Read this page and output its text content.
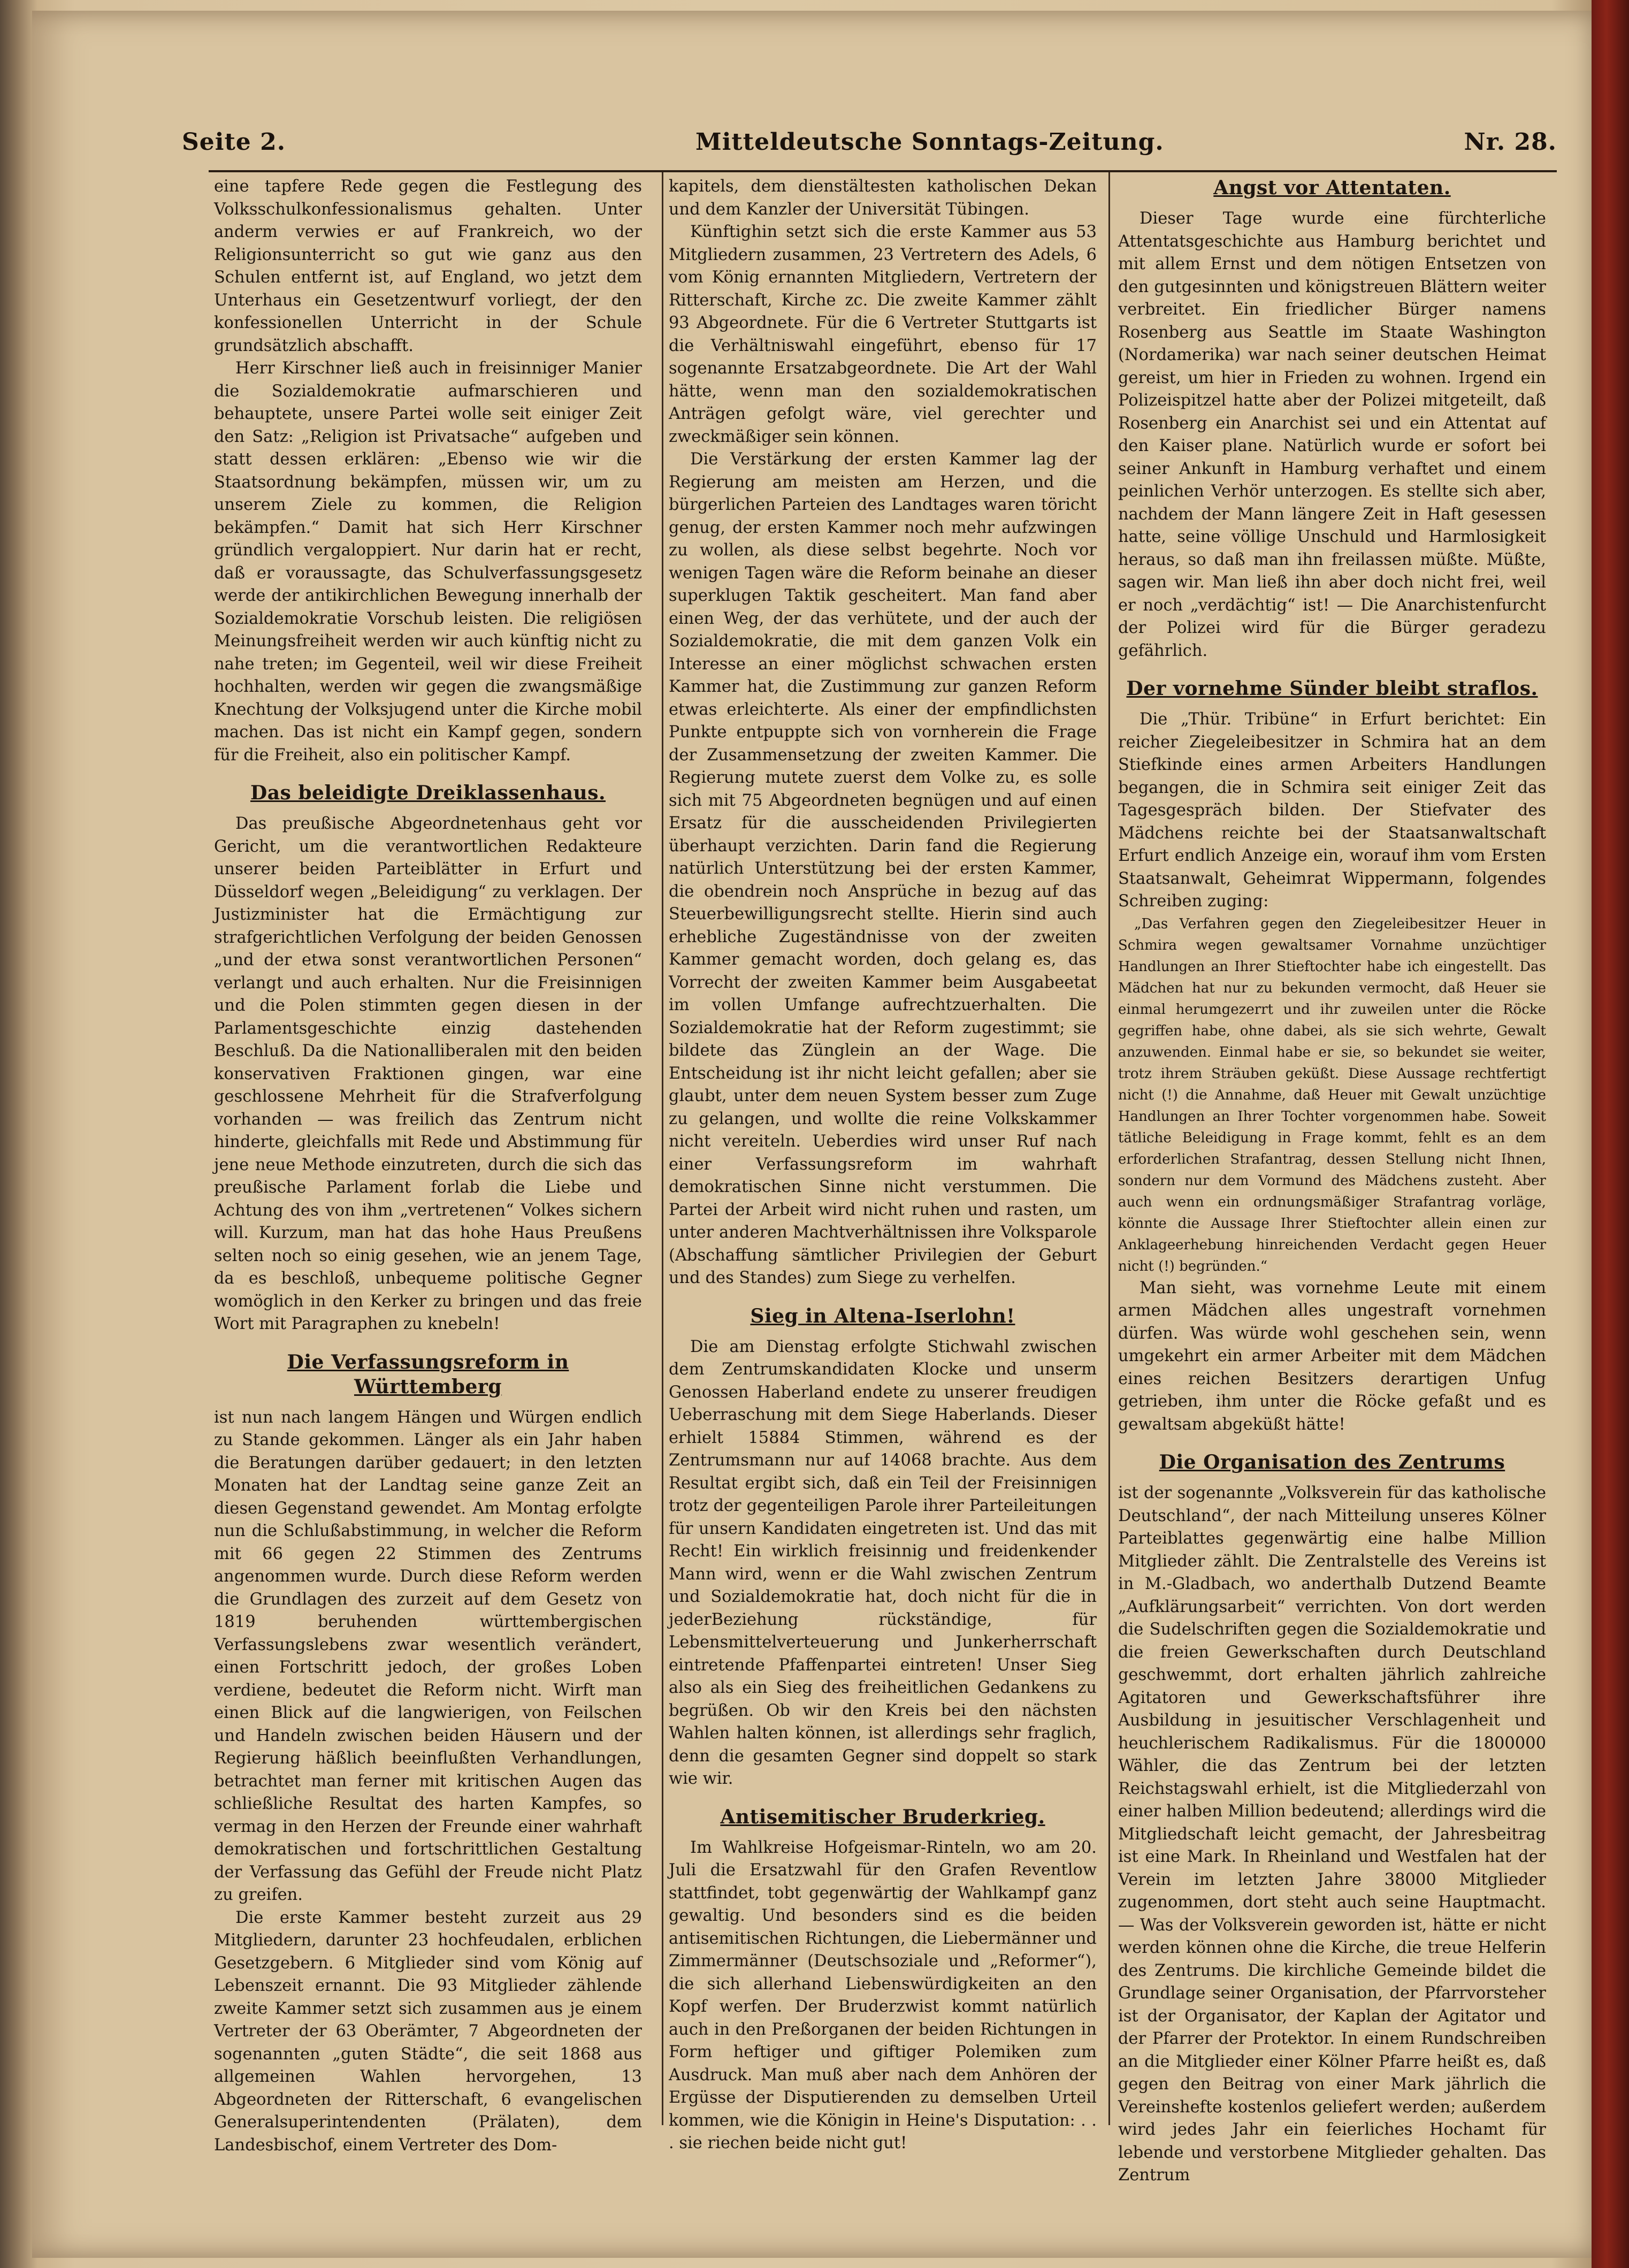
Seite 2.	Mitteldeutsche Sonntags-Zeitung.	Nr. 28.

eine tapfere Rede gegen die Festlegung des Volksschulkonfessionalismus gehalten. Unter anderm verwies er auf Frankreich, wo der Religionsunterricht so gut wie ganz aus den Schulen entfernt ist, auf England, wo jetzt dem Unterhaus ein Gesetzentwurf vorliegt, der den konfessionellen Unterricht in der Schule grundsätzlich abschafft.

Herr Kirschner ließ auch in freisinniger Manier die Sozialdemokratie aufmarschieren und behauptete, unsere Partei wolle seit einiger Zeit den Satz: „Religion ist Privatsache“ aufgeben und statt dessen erklären: „Ebenso wie wir die Staatsordnung bekämpfen, müssen wir, um zu unserem Ziele zu kommen, die Religion bekämpfen.“ Damit hat sich Herr Kirschner gründlich vergaloppiert. Nur darin hat er recht, daß er voraussagte, das Schulverfassungsgesetz werde der antikirchlichen Bewegung innerhalb der Sozialdemokratie Vorschub leisten. Die religiösen Meinungsfreiheit werden wir auch künftig nicht zu nahe treten; im Gegenteil, weil wir diese Freiheit hochhalten, werden wir gegen die zwangsmäßige Knechtung der Volksjugend unter die Kirche mobil machen. Das ist nicht ein Kampf gegen, sondern für die Freiheit, also ein politischer Kampf.

Das beleidigte Dreiklassenhaus.

Das preußische Abgeordnetenhaus geht vor Gericht, um die verantwortlichen Redakteure unserer beiden Parteiblätter in Erfurt und Düsseldorf wegen „Beleidigung“ zu verklagen. Der Justizminister hat die Ermächtigung zur strafgerichtlichen Verfolgung der beiden Genossen „und der etwa sonst verantwortlichen Personen“ verlangt und auch erhalten. Nur die Freisinnigen und die Polen stimmten gegen diesen in der Parlamentsgeschichte einzig dastehenden Beschluß. Da die Nationalliberalen mit den beiden konservativen Fraktionen gingen, war eine geschlossene Mehrheit für die Strafverfolgung vorhanden — was freilich das Zentrum nicht hinderte, gleichfalls mit Rede und Abstimmung für jene neue Methode einzutreten, durch die sich das preußische Parlament forlab die Liebe und Achtung des von ihm „vertretenen“ Volkes sichern will. Kurzum, man hat das hohe Haus Preußens selten noch so einig gesehen, wie an jenem Tage, da es beschloß, unbequeme politische Gegner womöglich in den Kerker zu bringen und das freie Wort mit Paragraphen zu knebeln!

Die Verfassungsreform in Württemberg

ist nun nach langem Hängen und Würgen endlich zu Stande gekommen. Länger als ein Jahr haben die Beratungen darüber gedauert; in den letzten Monaten hat der Landtag seine ganze Zeit an diesen Gegenstand gewendet. Am Montag erfolgte nun die Schlußabstimmung, in welcher die Reform mit 66 gegen 22 Stimmen des Zentrums angenommen wurde. Durch diese Reform werden die Grundlagen des zurzeit auf dem Gesetz von 1819 beruhenden württembergischen Verfassungslebens zwar wesentlich verändert, einen Fortschritt jedoch, der großes Loben verdiene, bedeutet die Reform nicht. Wirft man einen Blick auf die langwierigen, von Feilschen und Handeln zwischen beiden Häusern und der Regierung häßlich beeinflußten Verhandlungen, betrachtet man ferner mit kritischen Augen das schließliche Resultat des harten Kampfes, so vermag in den Herzen der Freunde einer wahrhaft demokratischen und fortschrittlichen Gestaltung der Verfassung das Gefühl der Freude nicht Platz zu greifen.

Die erste Kammer besteht zurzeit aus 29 Mitgliedern, darunter 23 hochfeudalen, erblichen Gesetzgebern. 6 Mitglieder sind vom König auf Lebenszeit ernannt. Die 93 Mitglieder zählende zweite Kammer setzt sich zusammen aus je einem Vertreter der 63 Oberämter, 7 Abgeordneten der sogenannten „guten Städte“, die seit 1868 aus allgemeinen Wahlen hervorgehen, 13 Abgeordneten der Ritterschaft, 6 evangelischen Generalsuperintendenten (Prälaten), dem Landesbischof, einem Vertreter des Dom-

kapitels, dem dienstältesten katholischen Dekan und dem Kanzler der Universität Tübingen.

Künftighin setzt sich die erste Kammer aus 53 Mitgliedern zusammen, 23 Vertretern des Adels, 6 vom König ernannten Mitgliedern, Vertretern der Ritterschaft, Kirche zc. Die zweite Kammer zählt 93 Abgeordnete. Für die 6 Vertreter Stuttgarts ist die Verhältniswahl eingeführt, ebenso für 17 sogenannte Ersatzabgeordnete. Die Art der Wahl hätte, wenn man den sozialdemokratischen Anträgen gefolgt wäre, viel gerechter und zweckmäßiger sein können.

Die Verstärkung der ersten Kammer lag der Regierung am meisten am Herzen, und die bürgerlichen Parteien des Landtages waren töricht genug, der ersten Kammer noch mehr aufzwingen zu wollen, als diese selbst begehrte. Noch vor wenigen Tagen wäre die Reform beinahe an dieser superklugen Taktik gescheitert. Man fand aber einen Weg, der das verhütete, und der auch der Sozialdemokratie, die mit dem ganzen Volk ein Interesse an einer möglichst schwachen ersten Kammer hat, die Zustimmung zur ganzen Reform etwas erleichterte. Als einer der empfindlichsten Punkte entpuppte sich von vornherein die Frage der Zusammensetzung der zweiten Kammer. Die Regierung mutete zuerst dem Volke zu, es solle sich mit 75 Abgeordneten begnügen und auf einen Ersatz für die ausscheidenden Privilegierten überhaupt verzichten. Darin fand die Regierung natürlich Unterstützung bei der ersten Kammer, die obendrein noch Ansprüche in bezug auf das Steuerbewilligungsrecht stellte. Hierin sind auch erhebliche Zugeständnisse von der zweiten Kammer gemacht worden, doch gelang es, das Vorrecht der zweiten Kammer beim Ausgabeetat im vollen Umfange aufrechtzuerhalten. Die Sozialdemokratie hat der Reform zugestimmt; sie bildete das Zünglein an der Wage. Die Entscheidung ist ihr nicht leicht gefallen; aber sie glaubt, unter dem neuen System besser zum Zuge zu gelangen, und wollte die reine Volkskammer nicht vereiteln. Ueberdies wird unser Ruf nach einer Verfassungsreform im wahrhaft demokratischen Sinne nicht verstummen. Die Partei der Arbeit wird nicht ruhen und rasten, um unter anderen Machtverhältnissen ihre Volksparole (Abschaffung sämtlicher Privilegien der Geburt und des Standes) zum Siege zu verhelfen.

Sieg in Altena-Iserlohn!

Die am Dienstag erfolgte Stichwahl zwischen dem Zentrumskandidaten Klocke und unserm Genossen Haberland endete zu unserer freudigen Ueberraschung mit dem Siege Haberlands. Dieser erhielt 15884 Stimmen, während es der Zentrumsmann nur auf 14068 brachte. Aus dem Resultat ergibt sich, daß ein Teil der Freisinnigen trotz der gegenteiligen Parole ihrer Parteileitungen für unsern Kandidaten eingetreten ist. Und das mit Recht! Ein wirklich freisinnig und freidenkender Mann wird, wenn er die Wahl zwischen Zentrum und Sozialdemokratie hat, doch nicht für die in jederBeziehung rückständige, für Lebensmittelverteuerung und Junkerherrschaft eintretende Pfaffenpartei eintreten! Unser Sieg also als ein Sieg des freiheitlichen Gedankens zu begrüßen. Ob wir den Kreis bei den nächsten Wahlen halten können, ist allerdings sehr fraglich, denn die gesamten Gegner sind doppelt so stark wie wir.

Antisemitischer Bruderkrieg.

Im Wahlkreise Hofgeismar-Rinteln, wo am 20. Juli die Ersatzwahl für den Grafen Reventlow stattfindet, tobt gegenwärtig der Wahlkampf ganz gewaltig. Und besonders sind es die beiden antisemitischen Richtungen, die Liebermänner und Zimmermänner (Deutschsoziale und „Reformer“), die sich allerhand Liebenswürdigkeiten an den Kopf werfen. Der Bruderzwist kommt natürlich auch in den Preßorganen der beiden Richtungen in Form heftiger und giftiger Polemiken zum Ausdruck. Man muß aber nach dem Anhören der Ergüsse der Disputierenden zu demselben Urteil kommen, wie die Königin in Heine's Disputation: . . . sie riechen beide nicht gut!

Angst vor Attentaten.

Dieser Tage wurde eine fürchterliche Attentatsgeschichte aus Hamburg berichtet und mit allem Ernst und dem nötigen Entsetzen von den gutgesinnten und königstreuen Blättern weiter verbreitet. Ein friedlicher Bürger namens Rosenberg aus Seattle im Staate Washington (Nordamerika) war nach seiner deutschen Heimat gereist, um hier in Frieden zu wohnen. Irgend ein Polizeispitzel hatte aber der Polizei mitgeteilt, daß Rosenberg ein Anarchist sei und ein Attentat auf den Kaiser plane. Natürlich wurde er sofort bei seiner Ankunft in Hamburg verhaftet und einem peinlichen Verhör unterzogen. Es stellte sich aber, nachdem der Mann längere Zeit in Haft gesessen hatte, seine völlige Unschuld und Harmlosigkeit heraus, so daß man ihn freilassen müßte. Müßte, sagen wir. Man ließ ihn aber doch nicht frei, weil er noch „verdächtig“ ist! — Die Anarchistenfurcht der Polizei wird für die Bürger geradezu gefährlich.

Der vornehme Sünder bleibt straflos.

Die „Thür. Tribüne“ in Erfurt berichtet: Ein reicher Ziegeleibesitzer in Schmira hat an dem Stiefkinde eines armen Arbeiters Handlungen begangen, die in Schmira seit einiger Zeit das Tagesgespräch bilden. Der Stiefvater des Mädchens reichte bei der Staatsanwaltschaft Erfurt endlich Anzeige ein, worauf ihm vom Ersten Staatsanwalt, Geheimrat Wippermann, folgendes Schreiben zuging:

„Das Verfahren gegen den Ziegeleibesitzer Heuer in Schmira wegen gewaltsamer Vornahme unzüchtiger Handlungen an Ihrer Stieftochter habe ich eingestellt. Das Mädchen hat nur zu bekunden vermocht, daß Heuer sie einmal herumgezerrt und ihr zuweilen unter die Röcke gegriffen habe, ohne dabei, als sie sich wehrte, Gewalt anzuwenden. Einmal habe er sie, so bekundet sie weiter, trotz ihrem Sträuben geküßt. Diese Aussage rechtfertigt nicht (!) die Annahme, daß Heuer mit Gewalt unzüchtige Handlungen an Ihrer Tochter vorgenommen habe. Soweit tätliche Beleidigung in Frage kommt, fehlt es an dem erforderlichen Strafantrag, dessen Stellung nicht Ihnen, sondern nur dem Vormund des Mädchens zusteht. Aber auch wenn ein ordnungsmäßiger Strafantrag vorläge, könnte die Aussage Ihrer Stieftochter allein einen zur Anklageerhebung hinreichenden Verdacht gegen Heuer nicht (!) begründen.“

Man sieht, was vornehme Leute mit einem armen Mädchen alles ungestraft vornehmen dürfen. Was würde wohl geschehen sein, wenn umgekehrt ein armer Arbeiter mit dem Mädchen eines reichen Besitzers derartigen Unfug getrieben, ihm unter die Röcke gefaßt und es gewaltsam abgeküßt hätte!

Die Organisation des Zentrums

ist der sogenannte „Volksverein für das katholische Deutschland“, der nach Mitteilung unseres Kölner Parteiblattes gegenwärtig eine halbe Million Mitglieder zählt. Die Zentralstelle des Vereins ist in M.-Gladbach, wo anderthalb Dutzend Beamte „Aufklärungsarbeit“ verrichten. Von dort werden die Sudelschriften gegen die Sozialdemokratie und die freien Gewerkschaften durch Deutschland geschwemmt, dort erhalten jährlich zahlreiche Agitatoren und Gewerkschaftsführer ihre Ausbildung in jesuitischer Verschlagenheit und heuchlerischem Radikalismus. Für die 1800000 Wähler, die das Zentrum bei der letzten Reichstagswahl erhielt, ist die Mitgliederzahl von einer halben Million bedeutend; allerdings wird die Mitgliedschaft leicht gemacht, der Jahresbeitrag ist eine Mark. In Rheinland und Westfalen hat der Verein im letzten Jahre 38000 Mitglieder zugenommen, dort steht auch seine Hauptmacht. — Was der Volksverein geworden ist, hätte er nicht werden können ohne die Kirche, die treue Helferin des Zentrums. Die kirchliche Gemeinde bildet die Grundlage seiner Organisation, der Pfarrvorsteher ist der Organisator, der Kaplan der Agitator und der Pfarrer der Protektor. In einem Rundschreiben an die Mitglieder einer Kölner Pfarre heißt es, daß gegen den Beitrag von einer Mark jährlich die Vereinshefte kostenlos geliefert werden; außerdem wird jedes Jahr ein feierliches Hochamt für lebende und verstorbene Mitglieder gehalten. Das Zentrum
